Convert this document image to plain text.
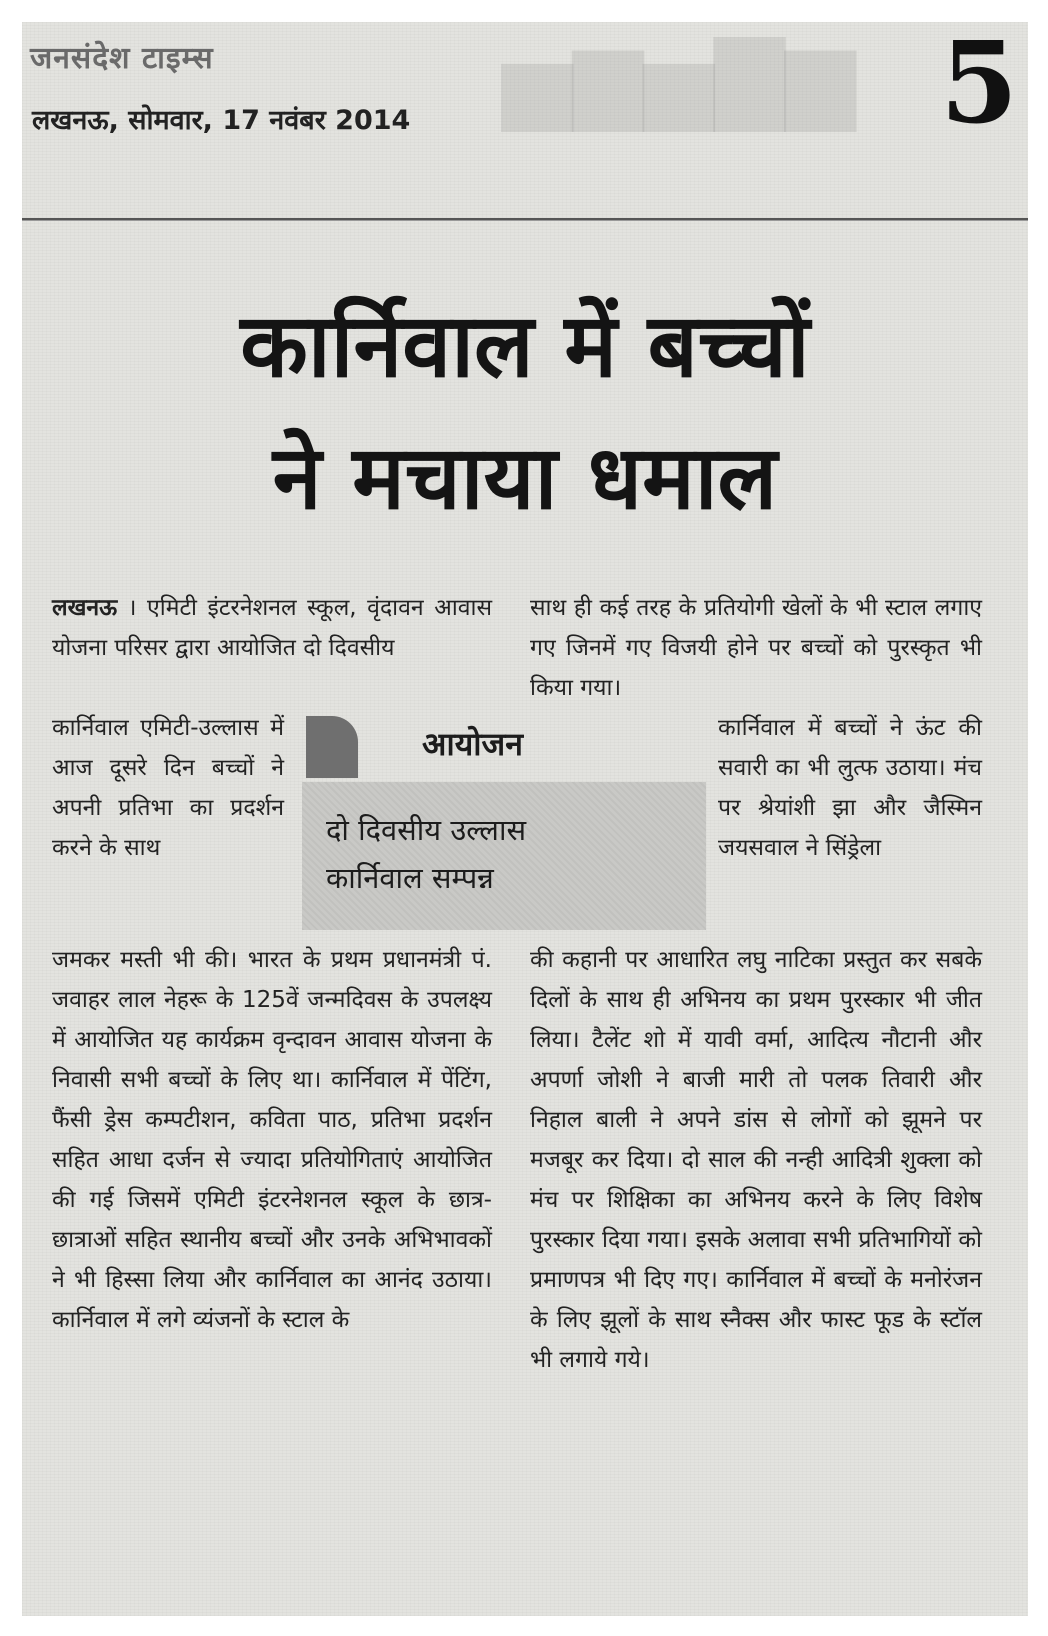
▅▆▅▇▆
जनसंदेश टाइम्स
लखनऊ, सोमवार, 17 नवंबर 2014	5
कार्निवाल में बच्चों
ने मचाया धमाल
लखनऊ । एमिटी इंटरनेशनल स्कूल, वृंदावन आवास योजना परिसर द्वारा आयोजित दो दिवसीय
कार्निवाल एमिटी-उल्लास में आज दूसरे दिन बच्चों ने अपनी प्रतिभा का प्रदर्शन करने के साथ
जमकर मस्ती भी की। भारत के प्रथम प्रधानमंत्री पं. जवाहर लाल नेहरू के 125वें जन्मदिवस के उपलक्ष्य में आयोजित यह कार्यक्रम वृन्दावन आवास योजना के निवासी सभी बच्चों के लिए था। कार्निवाल में पेंटिंग, फैंसी ड्रेस कम्पटीशन, कविता पाठ, प्रतिभा प्रदर्शन सहित आधा दर्जन से ज्यादा प्रतियोगिताएं आयोजित की गई जिसमें एमिटी इंटरनेशनल स्कूल के छात्र-छात्राओं सहित स्थानीय बच्चों और उनके अभिभावकों ने भी हिस्सा लिया और कार्निवाल का आनंद उठाया। कार्निवाल में लगे व्यंजनों के स्टाल के
साथ ही कई तरह के प्रतियोगी खेलों के भी स्टाल लगाए गए जिनमें गए विजयी होने पर बच्चों को पुरस्कृत भी किया गया।
कार्निवाल में बच्चों ने ऊंट की सवारी का भी लुत्फ उठाया। मंच पर श्रेयांशी झा और जैस्मिन जयसवाल ने सिंड्रेला
की कहानी पर आधारित लघु नाटिका प्रस्तुत कर सबके दिलों के साथ ही अभिनय का प्रथम पुरस्कार भी जीत लिया। टैलेंट शो में यावी वर्मा, आदित्य नौटानी और अपर्णा जोशी ने बाजी मारी तो पलक तिवारी और निहाल बाली ने अपने डांस से लोगों को झूमने पर मजबूर कर दिया। दो साल की नन्ही आदित्री शुक्ला को मंच पर शिक्षिका का अभिनय करने के लिए विशेष पुरस्कार दिया गया। इसके अलावा सभी प्रतिभागियों को प्रमाणपत्र भी दिए गए। कार्निवाल में बच्चों के मनोरंजन के लिए झूलों के साथ स्नैक्स और फास्ट फूड के स्टॉल भी लगाये गये।
आयोजन
दो दिवसीय उल्लास
कार्निवाल सम्पन्न
